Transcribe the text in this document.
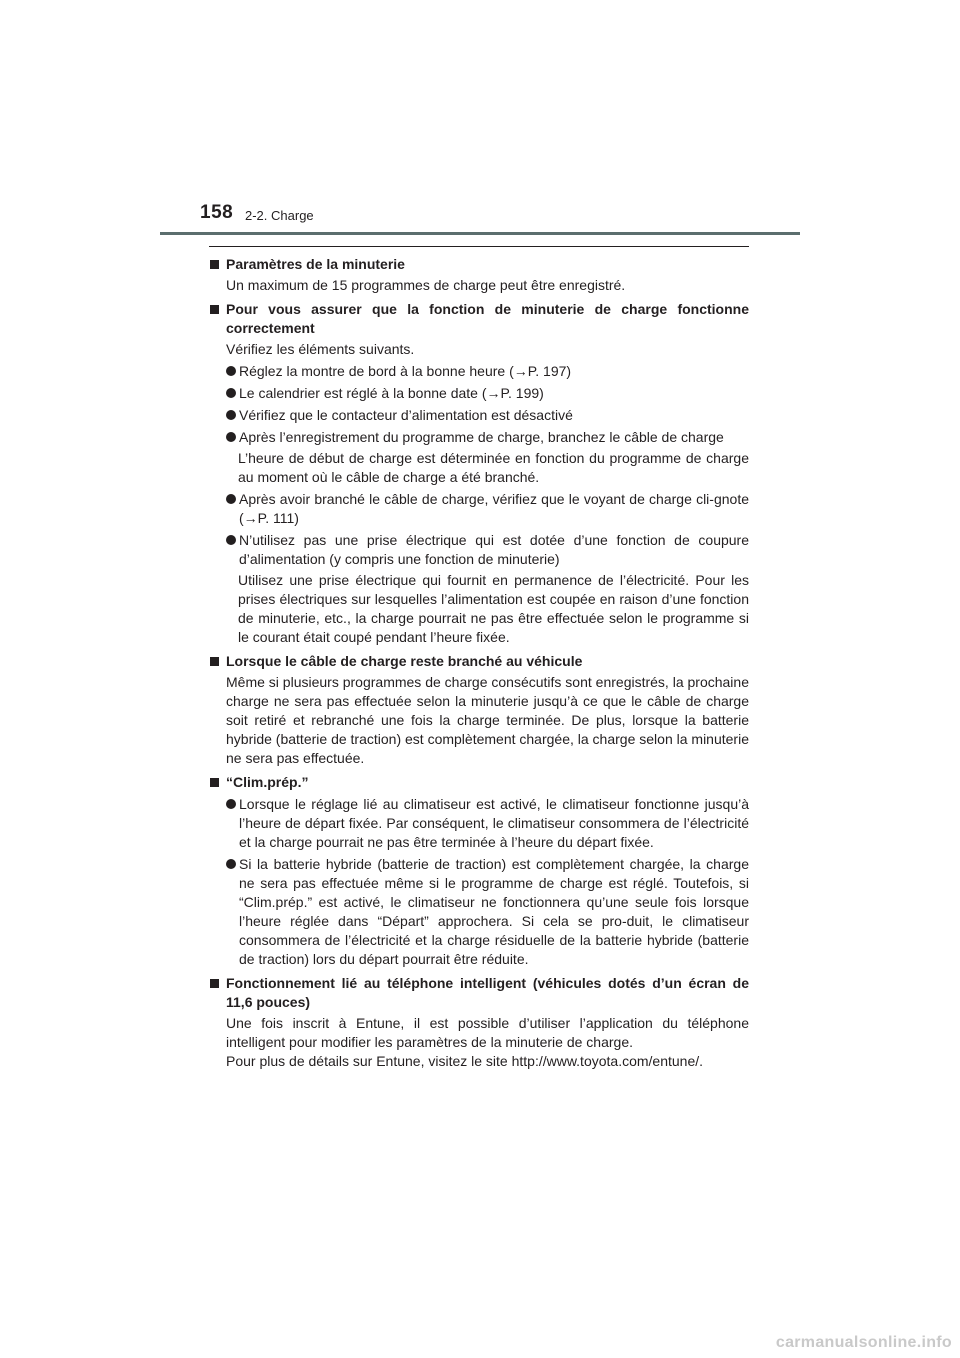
158 2-2. Charge
Paramètres de la minuterie
Un maximum de 15 programmes de charge peut être enregistré.
Pour vous assurer que la fonction de minuterie de charge fonctionne correctement
Vérifiez les éléments suivants.
Réglez la montre de bord à la bonne heure (→P. 197)
Le calendrier est réglé à la bonne date (→P. 199)
Vérifiez que le contacteur d’alimentation est désactivé
Après l’enregistrement du programme de charge, branchez le câble de charge
L’heure de début de charge est déterminée en fonction du programme de charge au moment où le câble de charge a été branché.
Après avoir branché le câble de charge, vérifiez que le voyant de charge cli-gnote (→P. 111)
N’utilisez pas une prise électrique qui est dotée d’une fonction de coupure d’alimentation (y compris une fonction de minuterie)
Utilisez une prise électrique qui fournit en permanence de l’électricité. Pour les prises électriques sur lesquelles l’alimentation est coupée en raison d’une fonction de minuterie, etc., la charge pourrait ne pas être effectuée selon le programme si le courant était coupé pendant l’heure fixée.
Lorsque le câble de charge reste branché au véhicule
Même si plusieurs programmes de charge consécutifs sont enregistrés, la prochaine charge ne sera pas effectuée selon la minuterie jusqu’à ce que le câble de charge soit retiré et rebranché une fois la charge terminée. De plus, lorsque la batterie hybride (batterie de traction) est complètement chargée, la charge selon la minuterie ne sera pas effectuée.
“Clim.prép.”
Lorsque le réglage lié au climatiseur est activé, le climatiseur fonctionne jusqu’à l’heure de départ fixée. Par conséquent, le climatiseur consommera de l’électricité et la charge pourrait ne pas être terminée à l’heure du départ fixée.
Si la batterie hybride (batterie de traction) est complètement chargée, la charge ne sera pas effectuée même si le programme de charge est réglé. Toutefois, si “Clim.prép.” est activé, le climatiseur ne fonctionnera qu’une seule fois lorsque l’heure réglée dans “Départ” approchera. Si cela se pro-duit, le climatiseur consommera de l’électricité et la charge résiduelle de la batterie hybride (batterie de traction) lors du départ pourrait être réduite.
Fonctionnement lié au téléphone intelligent (véhicules dotés d’un écran de 11,6 pouces)
Une fois inscrit à Entune, il est possible d’utiliser l’application du téléphone intelligent pour modifier les paramètres de la minuterie de charge.
Pour plus de détails sur Entune, visitez le site http://www.toyota.com/entune/.
carmanualsonline.info
